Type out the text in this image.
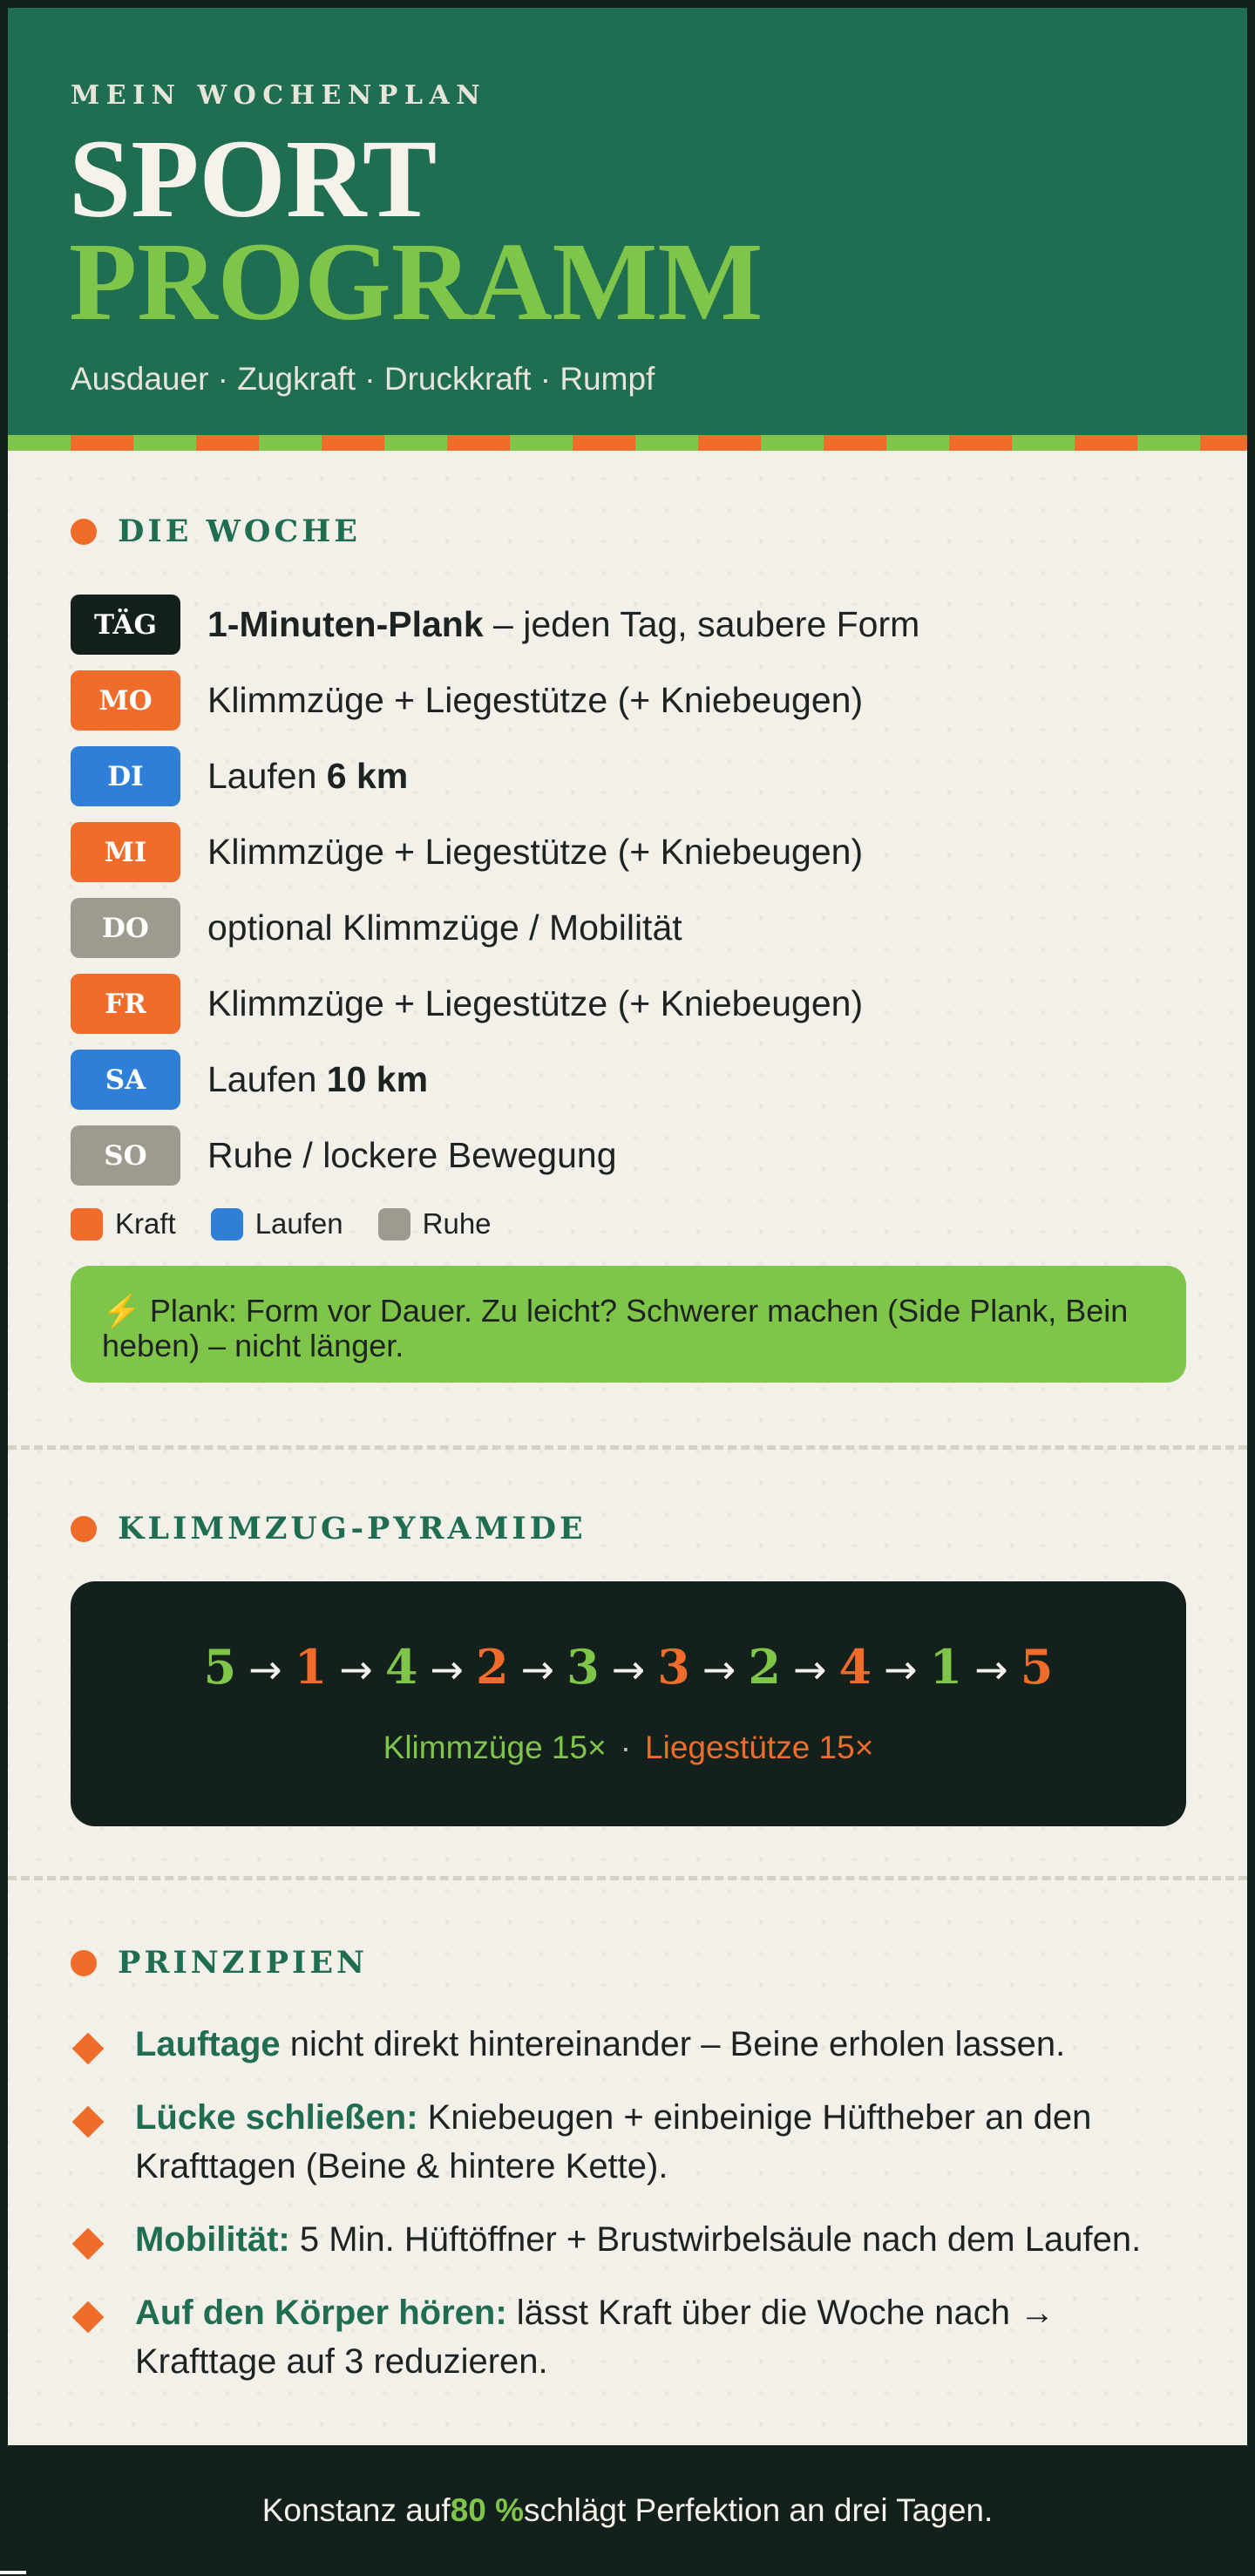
MEIN WOCHENPLAN
SPORT
PROGRAMM
Ausdauer · Zugkraft · Druckkraft · Rumpf
DIE WOCHE
TÄG	1-Minuten-Plank – jeden Tag, saubere Form
MO	Klimmzüge + Liegestütze (+ Kniebeugen)
DI	Laufen 6 km
MI	Klimmzüge + Liegestütze (+ Kniebeugen)
DO	optional Klimmzüge / Mobilität
FR	Klimmzüge + Liegestütze (+ Kniebeugen)
SA	Laufen 10 km
SO	Ruhe / lockere Bewegung
Kraft	Laufen	Ruhe
⚡ Plank: Form vor Dauer. Zu leicht? Schwerer machen (Side Plank, Bein heben) – nicht länger.
KLIMMZUG-PYRAMIDE
5 → 1 → 4 → 2 → 3 → 3 → 2 → 4 → 1 → 5
Klimmzüge 15× · Liegestütze 15×
PRINZIPIEN
Lauftage nicht direkt hintereinander – Beine erholen lassen.
Lücke schließen: Kniebeugen + einbeinige Hüftheber an den Krafttagen (Beine & hintere Kette).
Mobilität: 5 Min. Hüftöffner + Brustwirbelsäule nach dem Laufen.
Auf den Körper hören: lässt Kraft über die Woche nach → Krafttage auf 3 reduzieren.
Konstanz auf 80 % schlägt Perfektion an drei Tagen.
